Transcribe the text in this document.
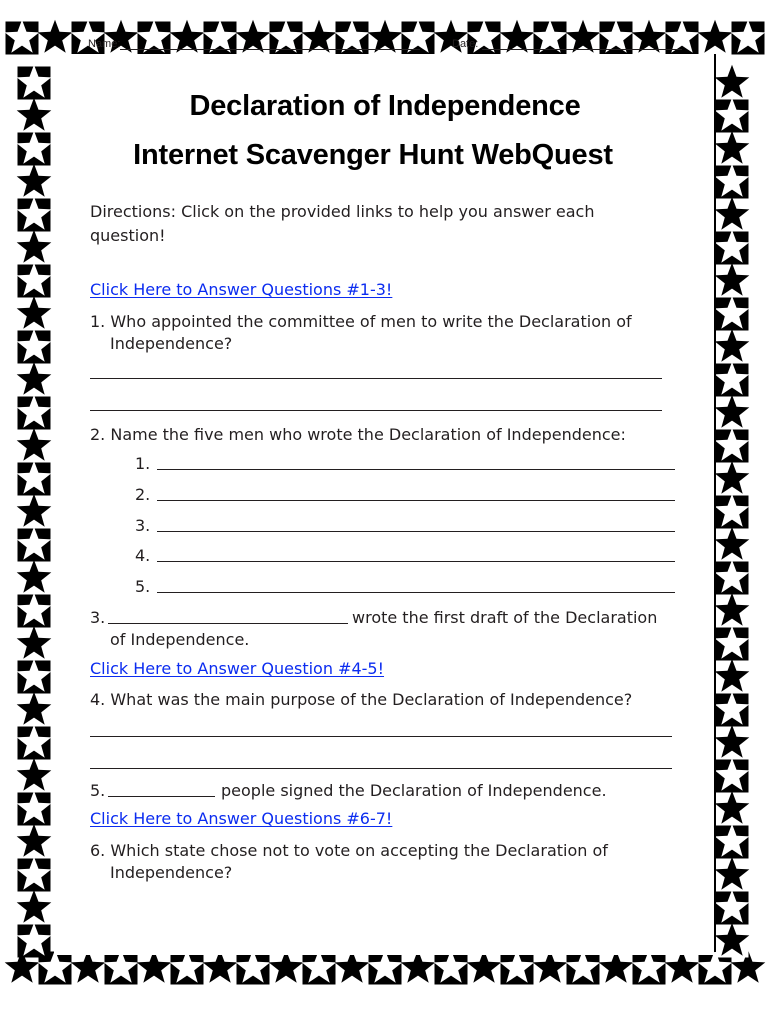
Name:	Date:
Declaration of Independence
Internet Scavenger Hunt WebQuest
Directions: Click on the provided links to help you answer each
question!
Click Here to Answer Questions #1-3!
1. Who appointed the committee of men to write the Declaration of
Independence?
2. Name the five men who wrote the Declaration of Independence:
1.
2.
3.
4.
5.
3.	wrote the first draft of the Declaration
of Independence.
Click Here to Answer Question #4-5!
4. What was the main purpose of the Declaration of Independence?
5.	people signed the Declaration of Independence.
Click Here to Answer Questions #6-7!
6. Which state chose not to vote on accepting the Declaration of
Independence?
